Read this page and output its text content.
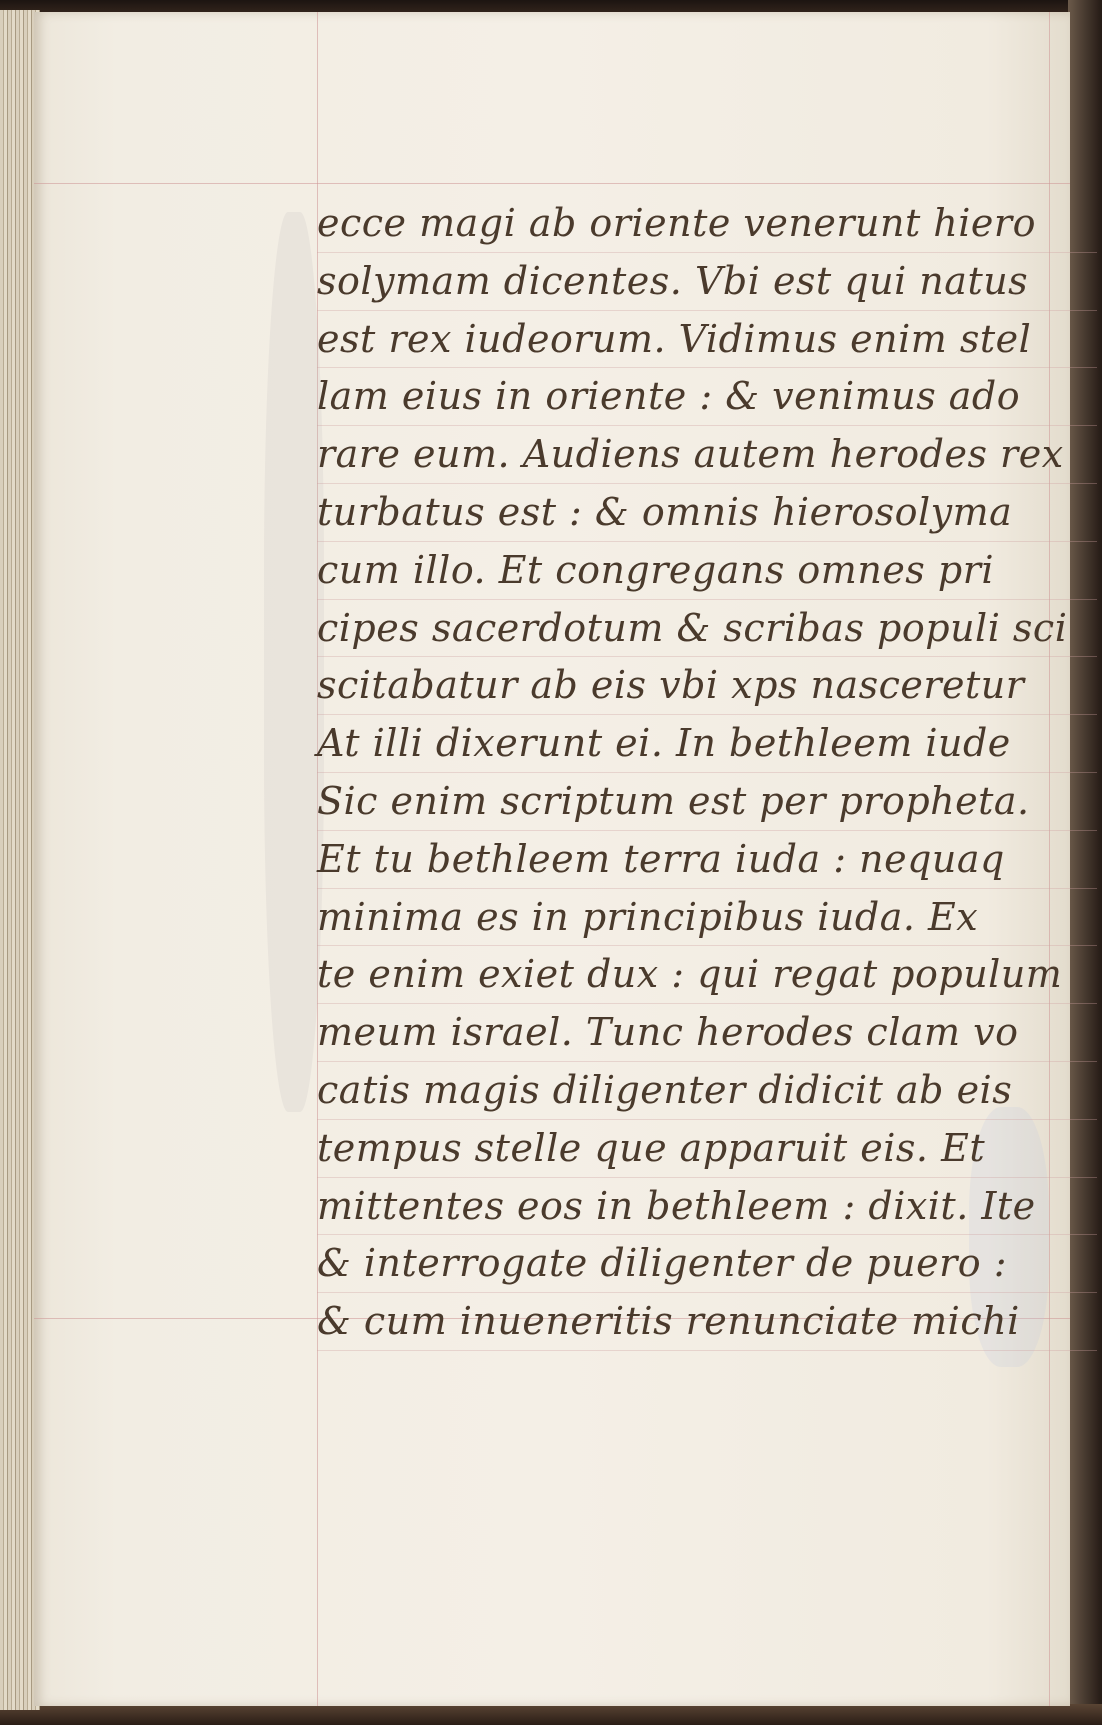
ecce magi ab oriente venerunt hiero
solymam dicentes. Vbi est qui natus
est rex iudeorum. Vidimus enim stel
lam eius in oriente : & venimus ado
rare eum. Audiens autem herodes rex
turbatus est : & omnis hierosolyma
cum illo. Et congregans omnes pri
cipes sacerdotum & scribas populi sci
scitabatur ab eis vbi xps nasceretur
At illi dixerunt ei. In bethleem iude
Sic enim scriptum est per propheta.
Et tu bethleem terra iuda : nequaq
minima es in principibus iuda. Ex
te enim exiet dux : qui regat populum
meum israel. Tunc herodes clam vo
catis magis diligenter didicit ab eis
tempus stelle que apparuit eis. Et
mittentes eos in bethleem : dixit. Ite
& interrogate diligenter de puero :
& cum inueneritis renunciate michi
